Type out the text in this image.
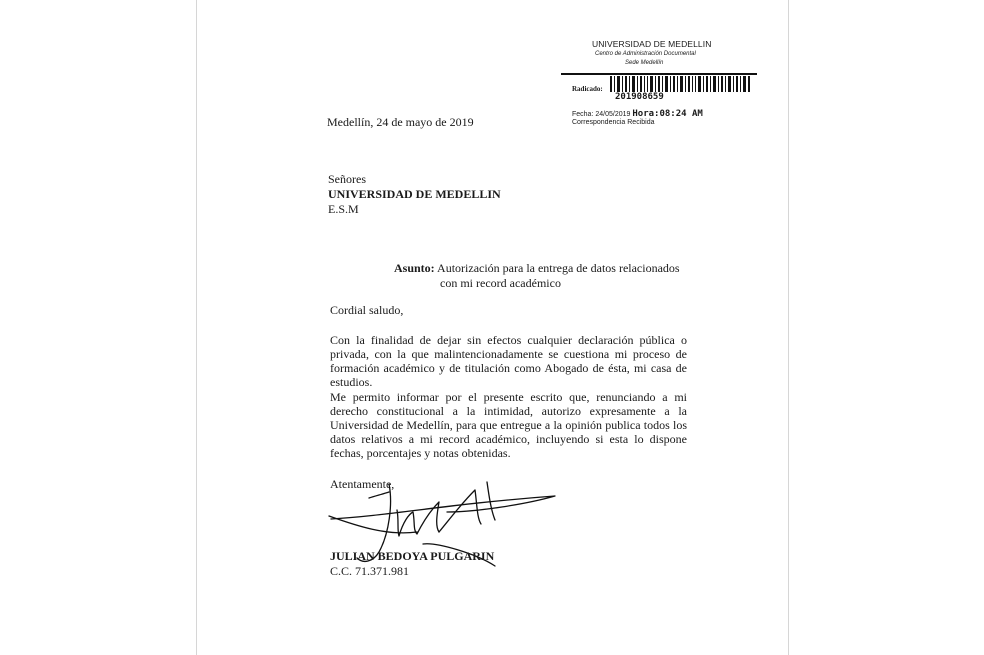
UNIVERSIDAD DE MEDELLIN
Centro de Administración Documental
Sede Medellín
Radicado:
201908659
Fecha: 24/05/2019 Hora:08:24 AM
Correspondencia Recibida
Medellín, 24 de mayo de 2019
Señores
UNIVERSIDAD DE MEDELLIN
E.S.M
Asunto: Autorización para la entrega de datos relacionados
con mi record académico
Cordial saludo,
Con la finalidad de dejar sin efectos cualquier declaración pública o privada, con la que malintencionadamente se cuestiona mi proceso de formación académico y de titulación como Abogado de ésta, mi casa de estudios.
Me permito informar por el presente escrito que, renunciando a mi derecho constitucional a la intimidad, autorizo expresamente a la Universidad de Medellín, para que entregue a la opinión publica todos los datos relativos a mi record académico, incluyendo si esta lo dispone fechas, porcentajes y notas obtenidas.
Atentamente,
JULIAN BEDOYA PULGARIN
C.C. 71.371.981
